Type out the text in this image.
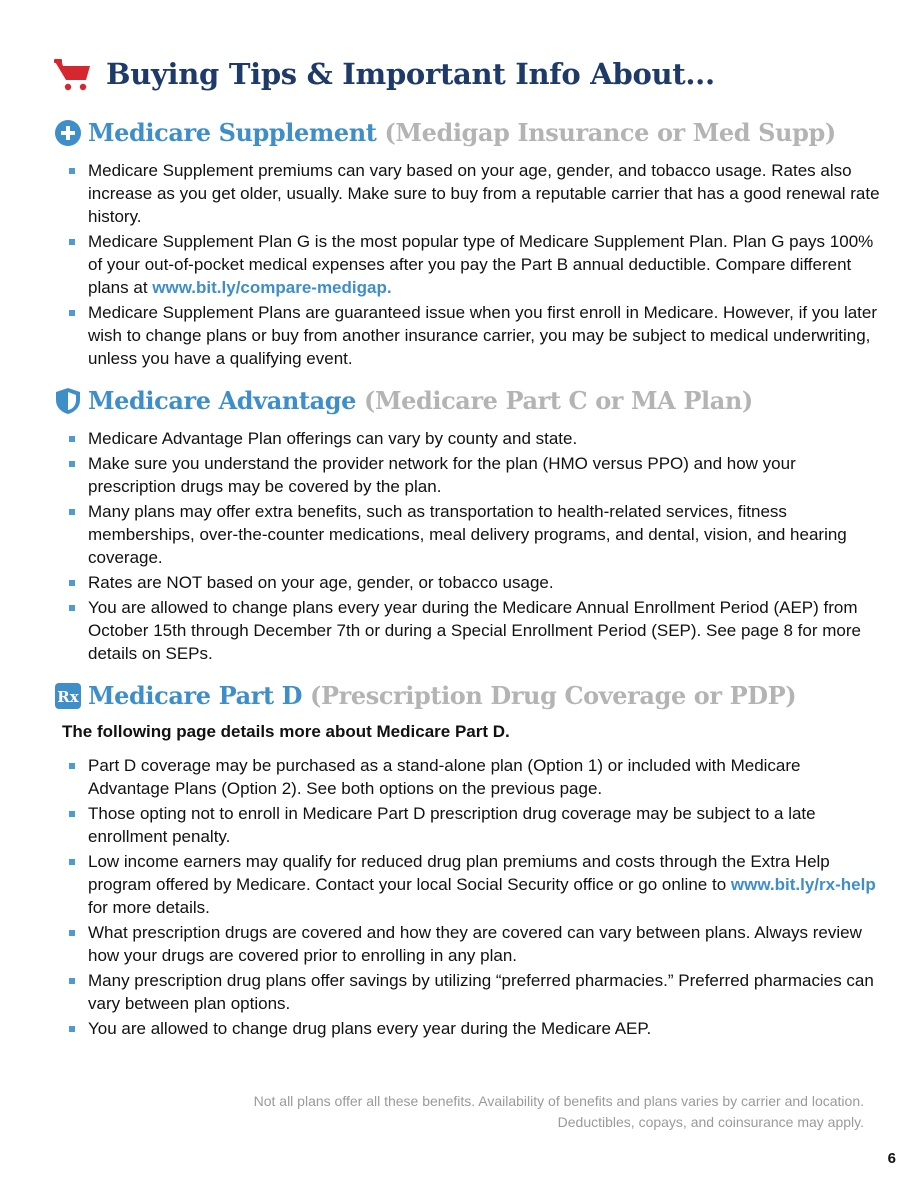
Buying Tips & Important Info About...
Medicare Supplement (Medigap Insurance or Med Supp)
Medicare Supplement premiums can vary based on your age, gender, and tobacco usage. Rates also increase as you get older, usually. Make sure to buy from a reputable carrier that has a good renewal rate history.
Medicare Supplement Plan G is the most popular type of Medicare Supplement Plan. Plan G pays 100% of your out-of-pocket medical expenses after you pay the Part B annual deductible. Compare different plans at www.bit.ly/compare-medigap.
Medicare Supplement Plans are guaranteed issue when you first enroll in Medicare. However, if you later wish to change plans or buy from another insurance carrier, you may be subject to medical underwriting, unless you have a qualifying event.
Medicare Advantage (Medicare Part C or MA Plan)
Medicare Advantage Plan offerings can vary by county and state.
Make sure you understand the provider network for the plan (HMO versus PPO) and how your prescription drugs may be covered by the plan.
Many plans may offer extra benefits, such as transportation to health-related services, fitness memberships, over-the-counter medications, meal delivery programs, and dental, vision, and hearing coverage.
Rates are NOT based on your age, gender, or tobacco usage.
You are allowed to change plans every year during the Medicare Annual Enrollment Period (AEP) from October 15th through December 7th or during a Special Enrollment Period (SEP). See page 8 for more details on SEPs.
Rx Medicare Part D (Prescription Drug Coverage or PDP)
The following page details more about Medicare Part D.
Part D coverage may be purchased as a stand-alone plan (Option 1) or included with Medicare Advantage Plans (Option 2). See both options on the previous page.
Those opting not to enroll in Medicare Part D prescription drug coverage may be subject to a late enrollment penalty.
Low income earners may qualify for reduced drug plan premiums and costs through the Extra Help program offered by Medicare. Contact your local Social Security office or go online to www.bit.ly/rx-help for more details.
What prescription drugs are covered and how they are covered can vary between plans. Always review how your drugs are covered prior to enrolling in any plan.
Many prescription drug plans offer savings by utilizing “preferred pharmacies.” Preferred pharmacies can vary between plan options.
You are allowed to change drug plans every year during the Medicare AEP.
Not all plans offer all these benefits. Availability of benefits and plans varies by carrier and location.
Deductibles, copays, and coinsurance may apply.
6
